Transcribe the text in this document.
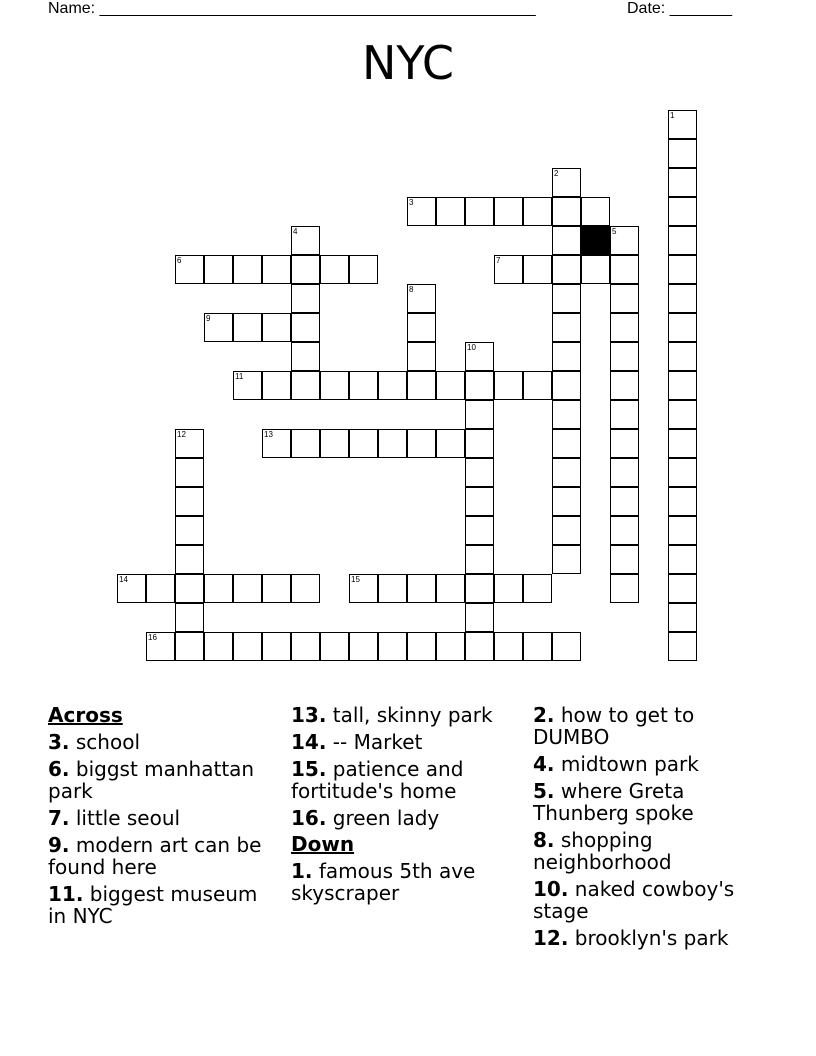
Name: _________________________________________________	Date: _______
NYC
1
2
3
4	5
6	7
8
9
10
11
12	13
14	15
16
Across
3. school
6. biggst manhattan park
7. little seoul
9. modern art can be found here
11. biggest museum in NYC
13. tall, skinny park
14. -- Market
15. patience and fortitude's home
16. green lady
Down
1. famous 5th ave skyscraper
2. how to get to DUMBO
4. midtown park
5. where Greta Thunberg spoke
8. shopping neighborhood
10. naked cowboy's stage
12. brooklyn's park
